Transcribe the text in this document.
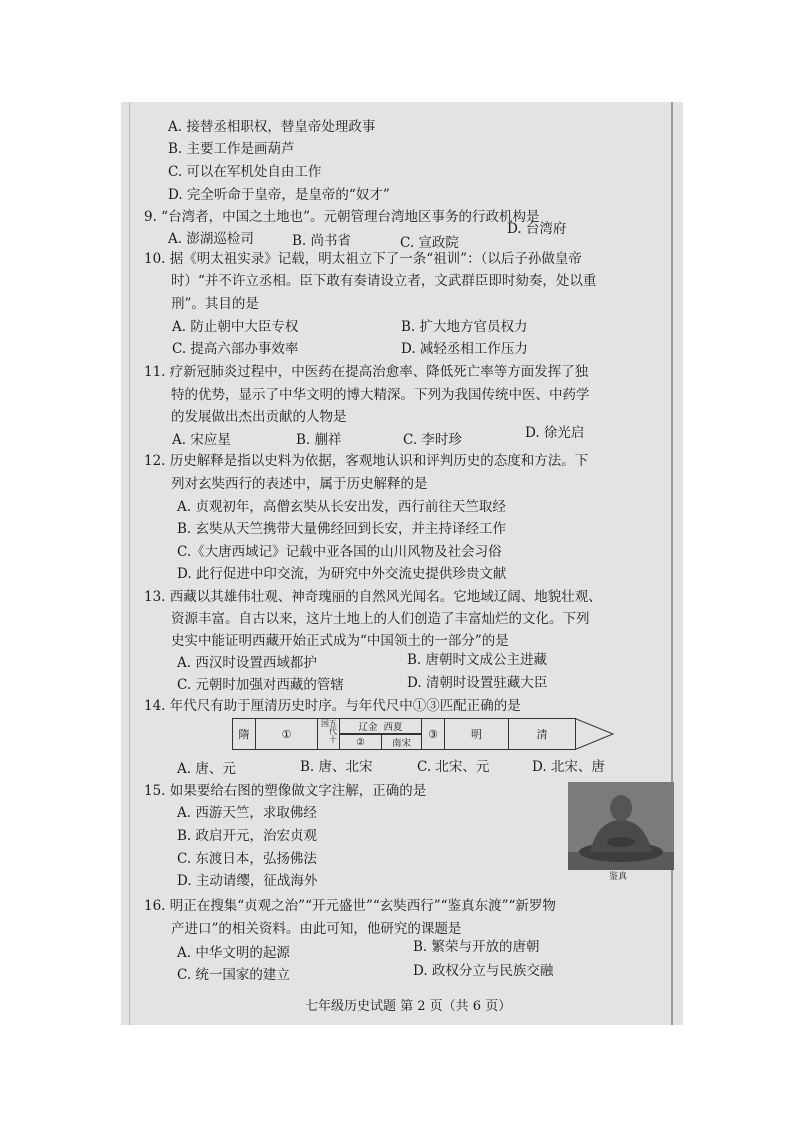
A. 接替丞相职权，替皇帝处理政事
B. 主要工作是画葫芦
C. 可以在军机处自由工作
D. 完全听命于皇帝，是皇帝的“奴才”
9. “台湾者，中国之土地也”。元朝管理台湾地区事务的行政机构是
10. 据《明太祖实录》记载，明太祖立下了一条“祖训”：（以后子孙做皇帝
时）“并不许立丞相。臣下敢有奏请设立者，文武群臣即时劾奏，处以重
刑”。其目的是
11. 疗新冠肺炎过程中，中医药在提高治愈率、降低死亡率等方面发挥了独
特的优势，显示了中华文明的博大精深。下列为我国传统中医、中药学
的发展做出杰出贡献的人物是
12. 历史解释是指以史料为依据，客观地认识和评判历史的态度和方法。下
列对玄奘西行的表述中，属于历史解释的是
A. 贞观初年，高僧玄奘从长安出发，西行前往天竺取经
B. 玄奘从天竺携带大量佛经回到长安，并主持译经工作
C.《大唐西域记》记载中亚各国的山川风物及社会习俗
D. 此行促进中印交流，为研究中外交流史提供珍贵文献
13. 西藏以其雄伟壮观、神奇瑰丽的自然风光闻名。它地域辽阔、地貌壮观、
资源丰富。自古以来，这片土地上的人们创造了丰富灿烂的文化。下列
史实中能证明西藏开始正式成为“中国领土的一部分”的是
14. 年代尺有助于厘清历史时序。与年代尺中①③匹配正确的是
15. 如果要给右图的塑像做文字注解，正确的是
A. 西游天竺，求取佛经
B. 政启开元，治宏贞观
C. 东渡日本，弘扬佛法
D. 主动请缨，征战海外
16. 明正在搜集“贞观之治”“开元盛世”“玄奘西行”“鉴真东渡”“新罗物
产进口”的相关资料。由此可知，他研究的课题是
A. 澎湖巡检司	B. 尚书省	C. 宣政院
D. 台湾府
A. 防止朝中大臣专权	B. 扩大地方官员权力
C. 提高六部办事效率	D. 减轻丞相工作压力
A. 宋应星	B. 蒯祥	C. 李时珍	D. 徐光启
A. 西汉时设置西域都护	B. 唐朝时文成公主进藏
C. 元朝时加强对西藏的管辖	D. 清朝时设置驻藏大臣
A. 唐、元	B. 唐、北宋	C. 北宋、元	D. 北宋、唐
A. 中华文明的起源	B. 繁荣与开放的唐朝
C. 统一国家的建立	D. 政权分立与民族交融
隋	①	五代十国	辽金
西夏
②	南宋
③	明	清
鉴真
七年级历史试题 第 2 页（共 6 页）
